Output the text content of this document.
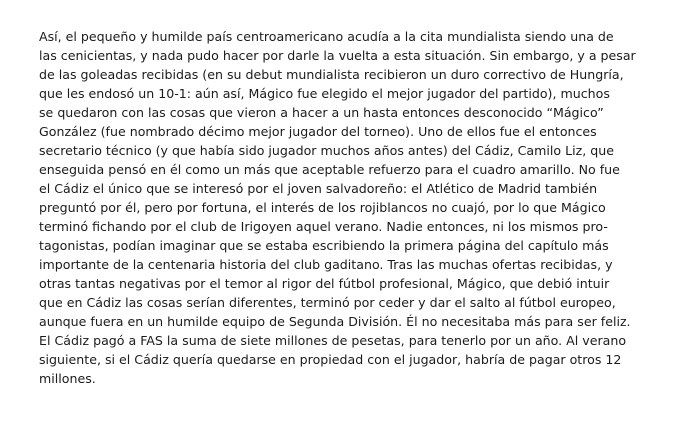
Así, el pequeño y humilde país centroamericano acudía a la cita mundialista siendo una de
las cenicientas, y nada pudo hacer por darle la vuelta a esta situación. Sin embargo, y a pesar
de las goleadas recibidas (en su debut mundialista recibieron un duro correctivo de Hungría,
que les endosó un 10-1: aún así, Mágico fue elegido el mejor jugador del partido), muchos
se quedaron con las cosas que vieron a hacer a un hasta entonces desconocido “Mágico”
González (fue nombrado décimo mejor jugador del torneo). Uno de ellos fue el entonces
secretario técnico (y que había sido jugador muchos años antes) del Cádiz, Camilo Liz, que
enseguida pensó en él como un más que aceptable refuerzo para el cuadro amarillo. No fue
el Cádiz el único que se interesó por el joven salvadoreño: el Atlético de Madrid también
preguntó por él, pero por fortuna, el interés de los rojiblancos no cuajó, por lo que Mágico
terminó fichando por el club de Irigoyen aquel verano. Nadie entonces, ni los mismos pro-
tagonistas, podían imaginar que se estaba escribiendo la primera página del capítulo más
importante de la centenaria historia del club gaditano. Tras las muchas ofertas recibidas, y
otras tantas negativas por el temor al rigor del fútbol profesional, Mágico, que debió intuir
que en Cádiz las cosas serían diferentes, terminó por ceder y dar el salto al fútbol europeo,
aunque fuera en un humilde equipo de Segunda División. Él no necesitaba más para ser feliz.
El Cádiz pagó a FAS la suma de siete millones de pesetas, para tenerlo por un año. Al verano
siguiente, si el Cádiz quería quedarse en propiedad con el jugador, habría de pagar otros 12
millones.
